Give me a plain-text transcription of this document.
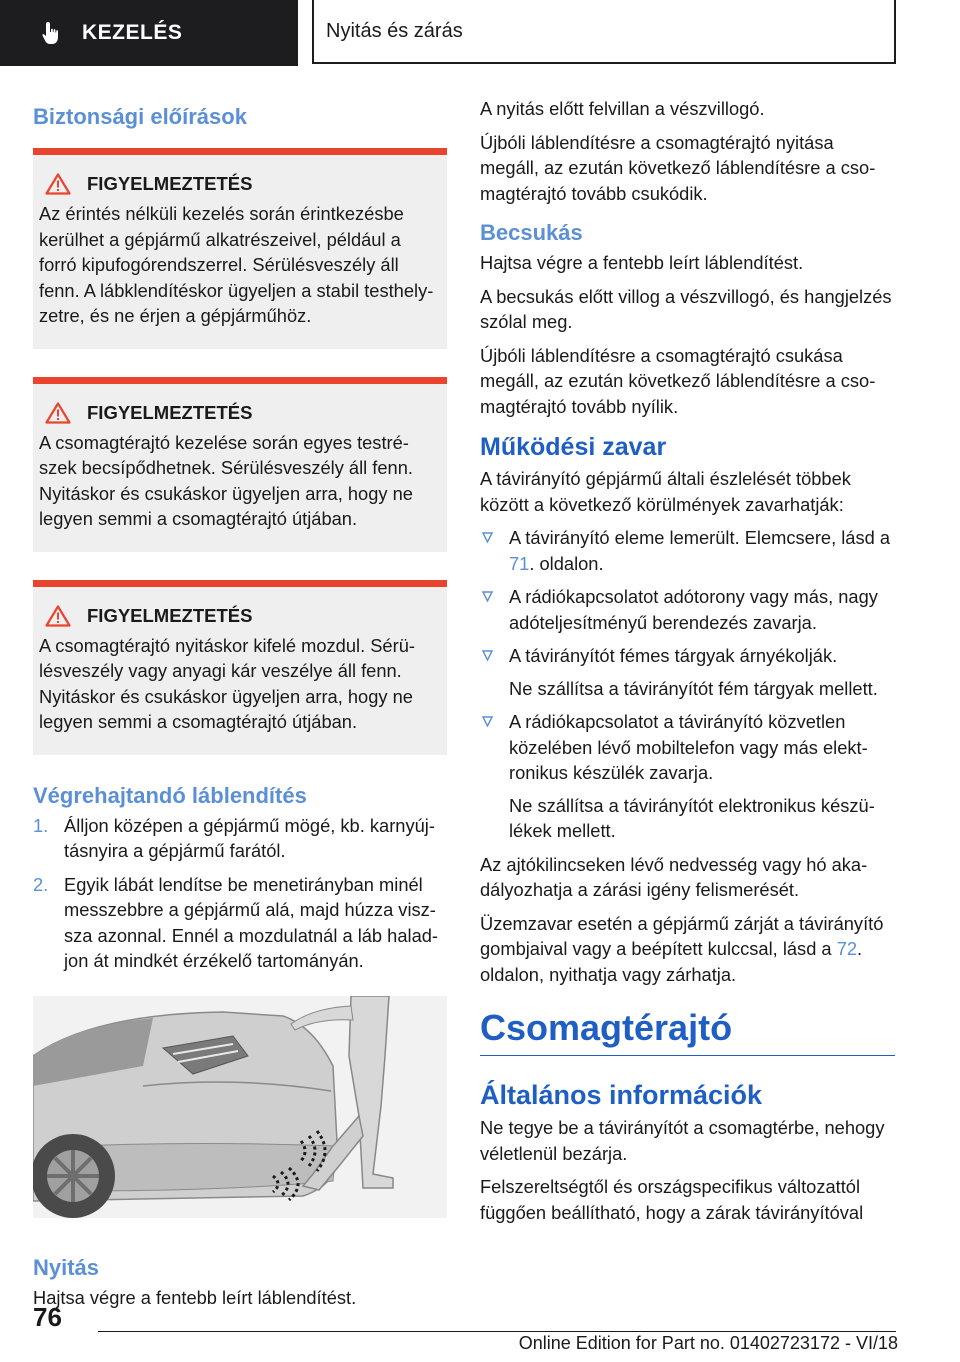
KEZELÉS	Nyitás és zárás
Biztonsági előírások
FIGYELMEZTETÉS

Az érintés nélküli kezelés során érintkezésbe kerülhet a gépjármű alkatrészeivel, például a forró kipufogórendszerrel. Sérülésveszély áll fenn. A lábklendítéskor ügyeljen a stabil testhelyzetre, és ne érjen a gépjárműhöz.

FIGYELMEZTETÉS

A csomagtérajtó kezelése során egyes testrészek becsípődhetnek. Sérülésveszély áll fenn. Nyitáskor és csukáskor ügyeljen arra, hogy ne legyen semmi a csomagtérajtó útjában.

FIGYELMEZTETÉS

A csomagtérajtó nyitáskor kifelé mozdul. Sérülésveszély vagy anyagi kár veszélye áll fenn. Nyitáskor és csukáskor ügyeljen arra, hogy ne legyen semmi a csomagtérajtó útjában.

Végrehajtandó láblendítés
1. Álljon középen a gépjármű mögé, kb. karnyújtásnyira a gépjármű farától.
2. Egyik lábát lendítse be menetirányban minél messzebbre a gépjármű alá, majd húzza viszsza azonnal. Ennél a mozdulatnál a láb haladjon át mindkét érzékelő tartományán.
Nyitás

Hajtsa végre a fentebb leírt láblendítést.

A nyitás előtt felvillan a vészvillogó.

Újbóli láblendítésre a csomagtérajtó nyitása megáll, az ezután következő láblendítésre a csomagtérajtó tovább csukódik.

Becsukás

Hajtsa végre a fentebb leírt láblendítést.

A becsukás előtt villog a vészvillogó, és hangjelzés szólal meg.

Újbóli láblendítésre a csomagtérajtó csukása megáll, az ezután következő láblendítésre a csomagtérajtó tovább nyílik.

Működési zavar

A távirányító gépjármű általi észlelését többek között a következő körülmények zavarhatják:

A távirányító eleme lemerült. Elemcsere, lásd a 71. oldalon.
A rádiókapcsolatot adótorony vagy más, nagy adóteljesítményű berendezés zavarja.
A távirányítót fémes tárgyak árnyékolják.
Ne szállítsa a távirányítót fém tárgyak mellett.
A rádiókapcsolatot a távirányító közvetlen közelében lévő mobiltelefon vagy más elektronikus készülék zavarja.
Ne szállítsa a távirányítót elektronikus készülékek mellett.

Az ajtókilincseken lévő nedvesség vagy hó akadályozhatja a zárási igény felismerését.

Üzemzavar esetén a gépjármű zárját a távirányító gombjaival vagy a beépített kulccsal, lásd a 72. oldalon, nyithatja vagy zárhatja.

Csomagtérajtó
Általános információk

Ne tegye be a távirányítót a csomagtérbe, nehogy véletlenül bezárja.

Felszereltségtől és országspecifikus változattól függően beállítható, hogy a zárak távirányítóval

76
Online Edition for Part no. 01402723172 - VI/18
